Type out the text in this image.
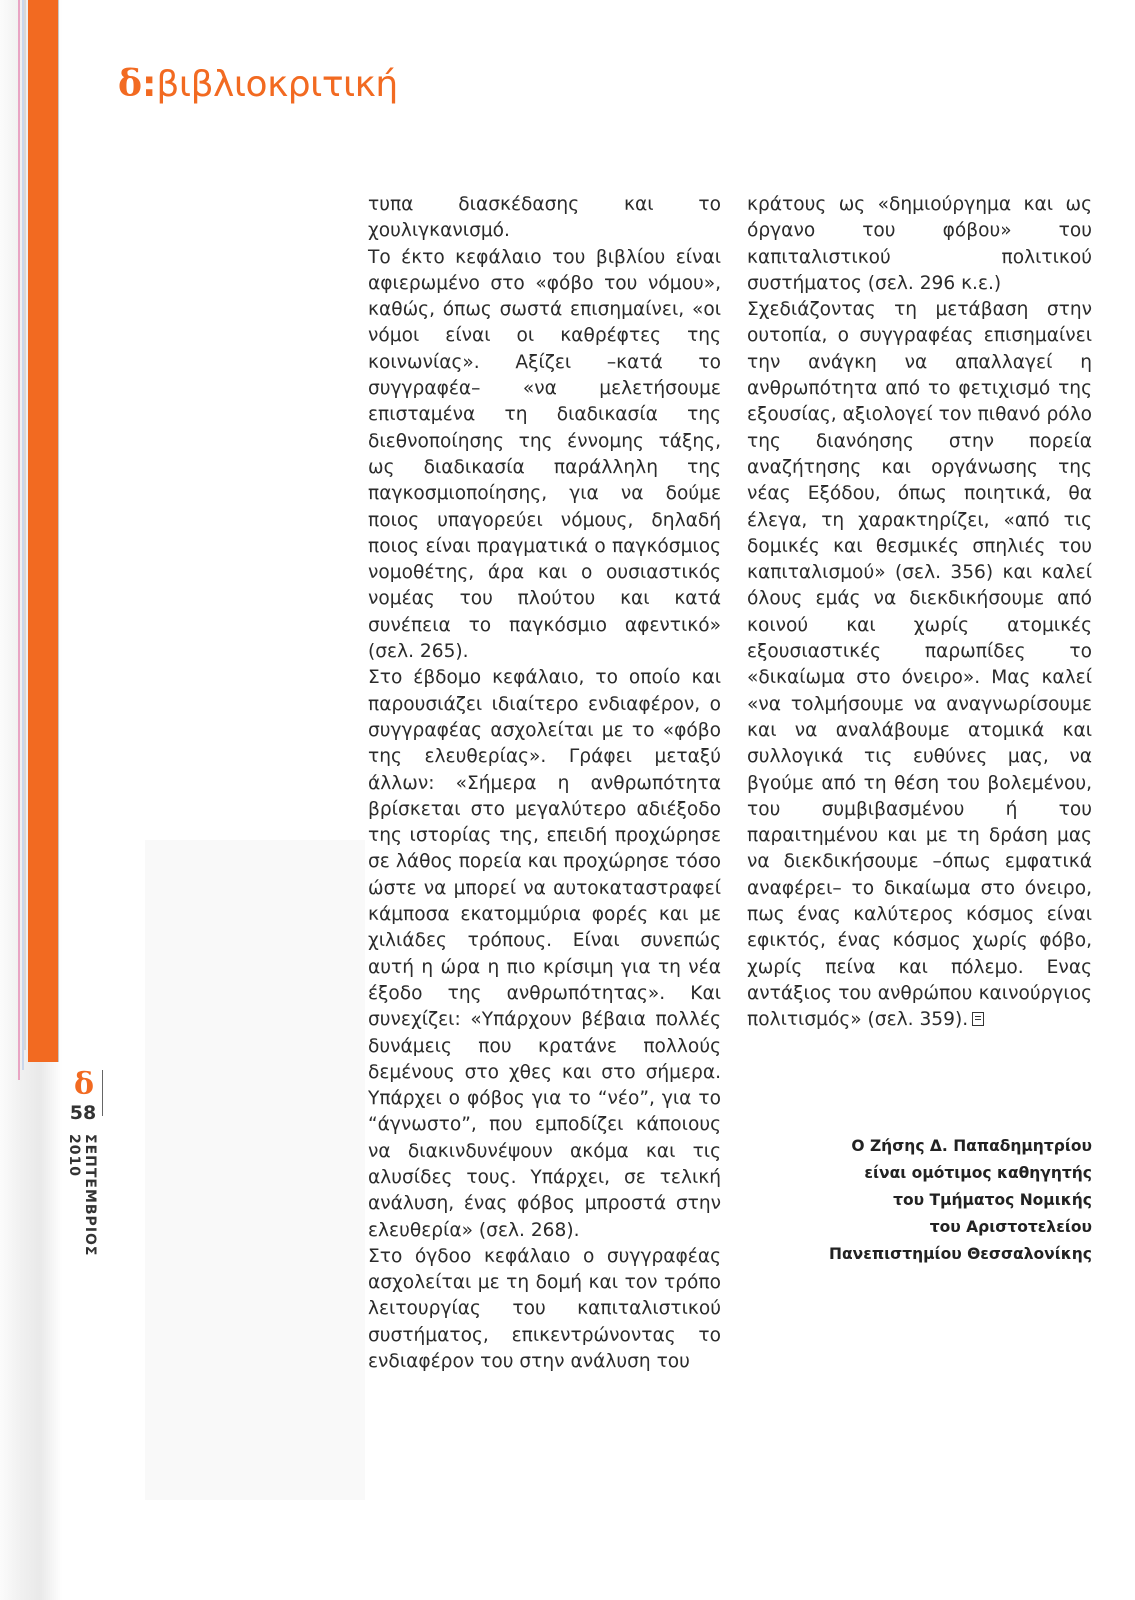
δ:βιβλιοκριτική

τυπα διασκέδασης και το χουλιγκανισμό.

Το έκτο κεφάλαιο του βιβλίου είναι αφιερωμένο στο «φόβο του νόμου», καθώς, όπως σωστά επισημαίνει, «οι νόμοι είναι οι καθρέφτες της κοινωνίας». Αξίζει –κατά το συγγραφέα– «να μελετήσουμε επισταμένα τη διαδικασία της διεθνοποίησης της έννομης τάξης, ως διαδικασία παράλληλη της παγκοσμιοποίησης, για να δούμε ποιος υπαγορεύει νόμους, δηλαδή ποιος είναι πραγματικά ο παγκόσμιος νομοθέτης, άρα και ο ουσιαστικός νομέας του πλούτου και κατά συνέπεια το παγκόσμιο αφεντικό» (σελ. 265).

Στο έβδομο κεφάλαιο, το οποίο και παρουσιάζει ιδιαίτερο ενδιαφέρον, ο συγγραφέας ασχολείται με το «φόβο της ελευθερίας». Γράφει μεταξύ άλλων: «Σήμερα η ανθρωπότητα βρίσκεται στο μεγαλύτερο αδιέξοδο της ιστορίας της, επειδή προχώρησε σε λάθος πορεία και προχώρησε τόσο ώστε να μπορεί να αυτοκαταστραφεί κάμποσα εκατομμύρια φορές και με χιλιάδες τρόπους. Είναι συνεπώς αυτή η ώρα η πιο κρίσιμη για τη νέα έξοδο της ανθρωπότητας». Και συνεχίζει: «Υπάρχουν βέβαια πολλές δυνάμεις που κρατάνε πολλούς δεμένους στο χθες και στο σήμερα. Υπάρχει ο φόβος για το “νέο”, για το “άγνωστο”, που εμποδίζει κάποιους να διακινδυνέψουν ακόμα και τις αλυσίδες τους. Υπάρχει, σε τελική ανάλυση, ένας φόβος μπροστά στην ελευθερία» (σελ. 268).

Στο όγδοο κεφάλαιο ο συγγραφέας ασχολείται με τη δομή και τον τρόπο λειτουργίας του καπιταλιστικού συστήματος, επικεντρώνοντας το ενδιαφέρον του στην ανάλυση του

κράτους ως «δημιούργημα και ως όργανο του φόβου» του καπιταλιστικού πολιτικού συστήματος (σελ. 296 κ.ε.)

Σχεδιάζοντας τη μετάβαση στην ουτοπία, ο συγγραφέας επισημαίνει την ανάγκη να απαλλαγεί η ανθρωπότητα από το φετιχισμό της εξουσίας, αξιολογεί τον πιθανό ρόλο της διανόησης στην πορεία αναζήτησης και οργάνωσης της νέας Εξόδου, όπως ποιητικά, θα έλεγα, τη χαρακτηρίζει, «από τις δομικές και θεσμικές σπηλιές του καπιταλισμού» (σελ. 356) και καλεί όλους εμάς να διεκδικήσουμε από κοινού και χωρίς ατομικές εξουσιαστικές παρωπίδες το «δικαίωμα στο όνειρο». Μας καλεί «να τολμήσουμε να αναγνωρίσουμε και να αναλάβουμε ατομικά και συλλογικά τις ευθύνες μας, να βγούμε από τη θέση του βολεμένου, του συμβιβασμένου ή του παραιτημένου και με τη δράση μας να διεκδικήσουμε –όπως εμφατικά αναφέρει– το δικαίωμα στο όνειρο, πως ένας καλύτερος κόσμος είναι εφικτός, ένας κόσμος χωρίς φόβο, χωρίς πείνα και πόλεμο. Ενας αντάξιος του ανθρώπου καινούργιος πολιτισμός» (σελ. 359).

Ο Ζήσης Δ. Παπαδημητρίου
είναι ομότιμος καθηγητής
του Τμήματος Νομικής
του Αριστοτελείου
Πανεπιστημίου Θεσσαλονίκης
δ
58
ΣΕΠΤΕΜΒΡΙΟΣ
2010
